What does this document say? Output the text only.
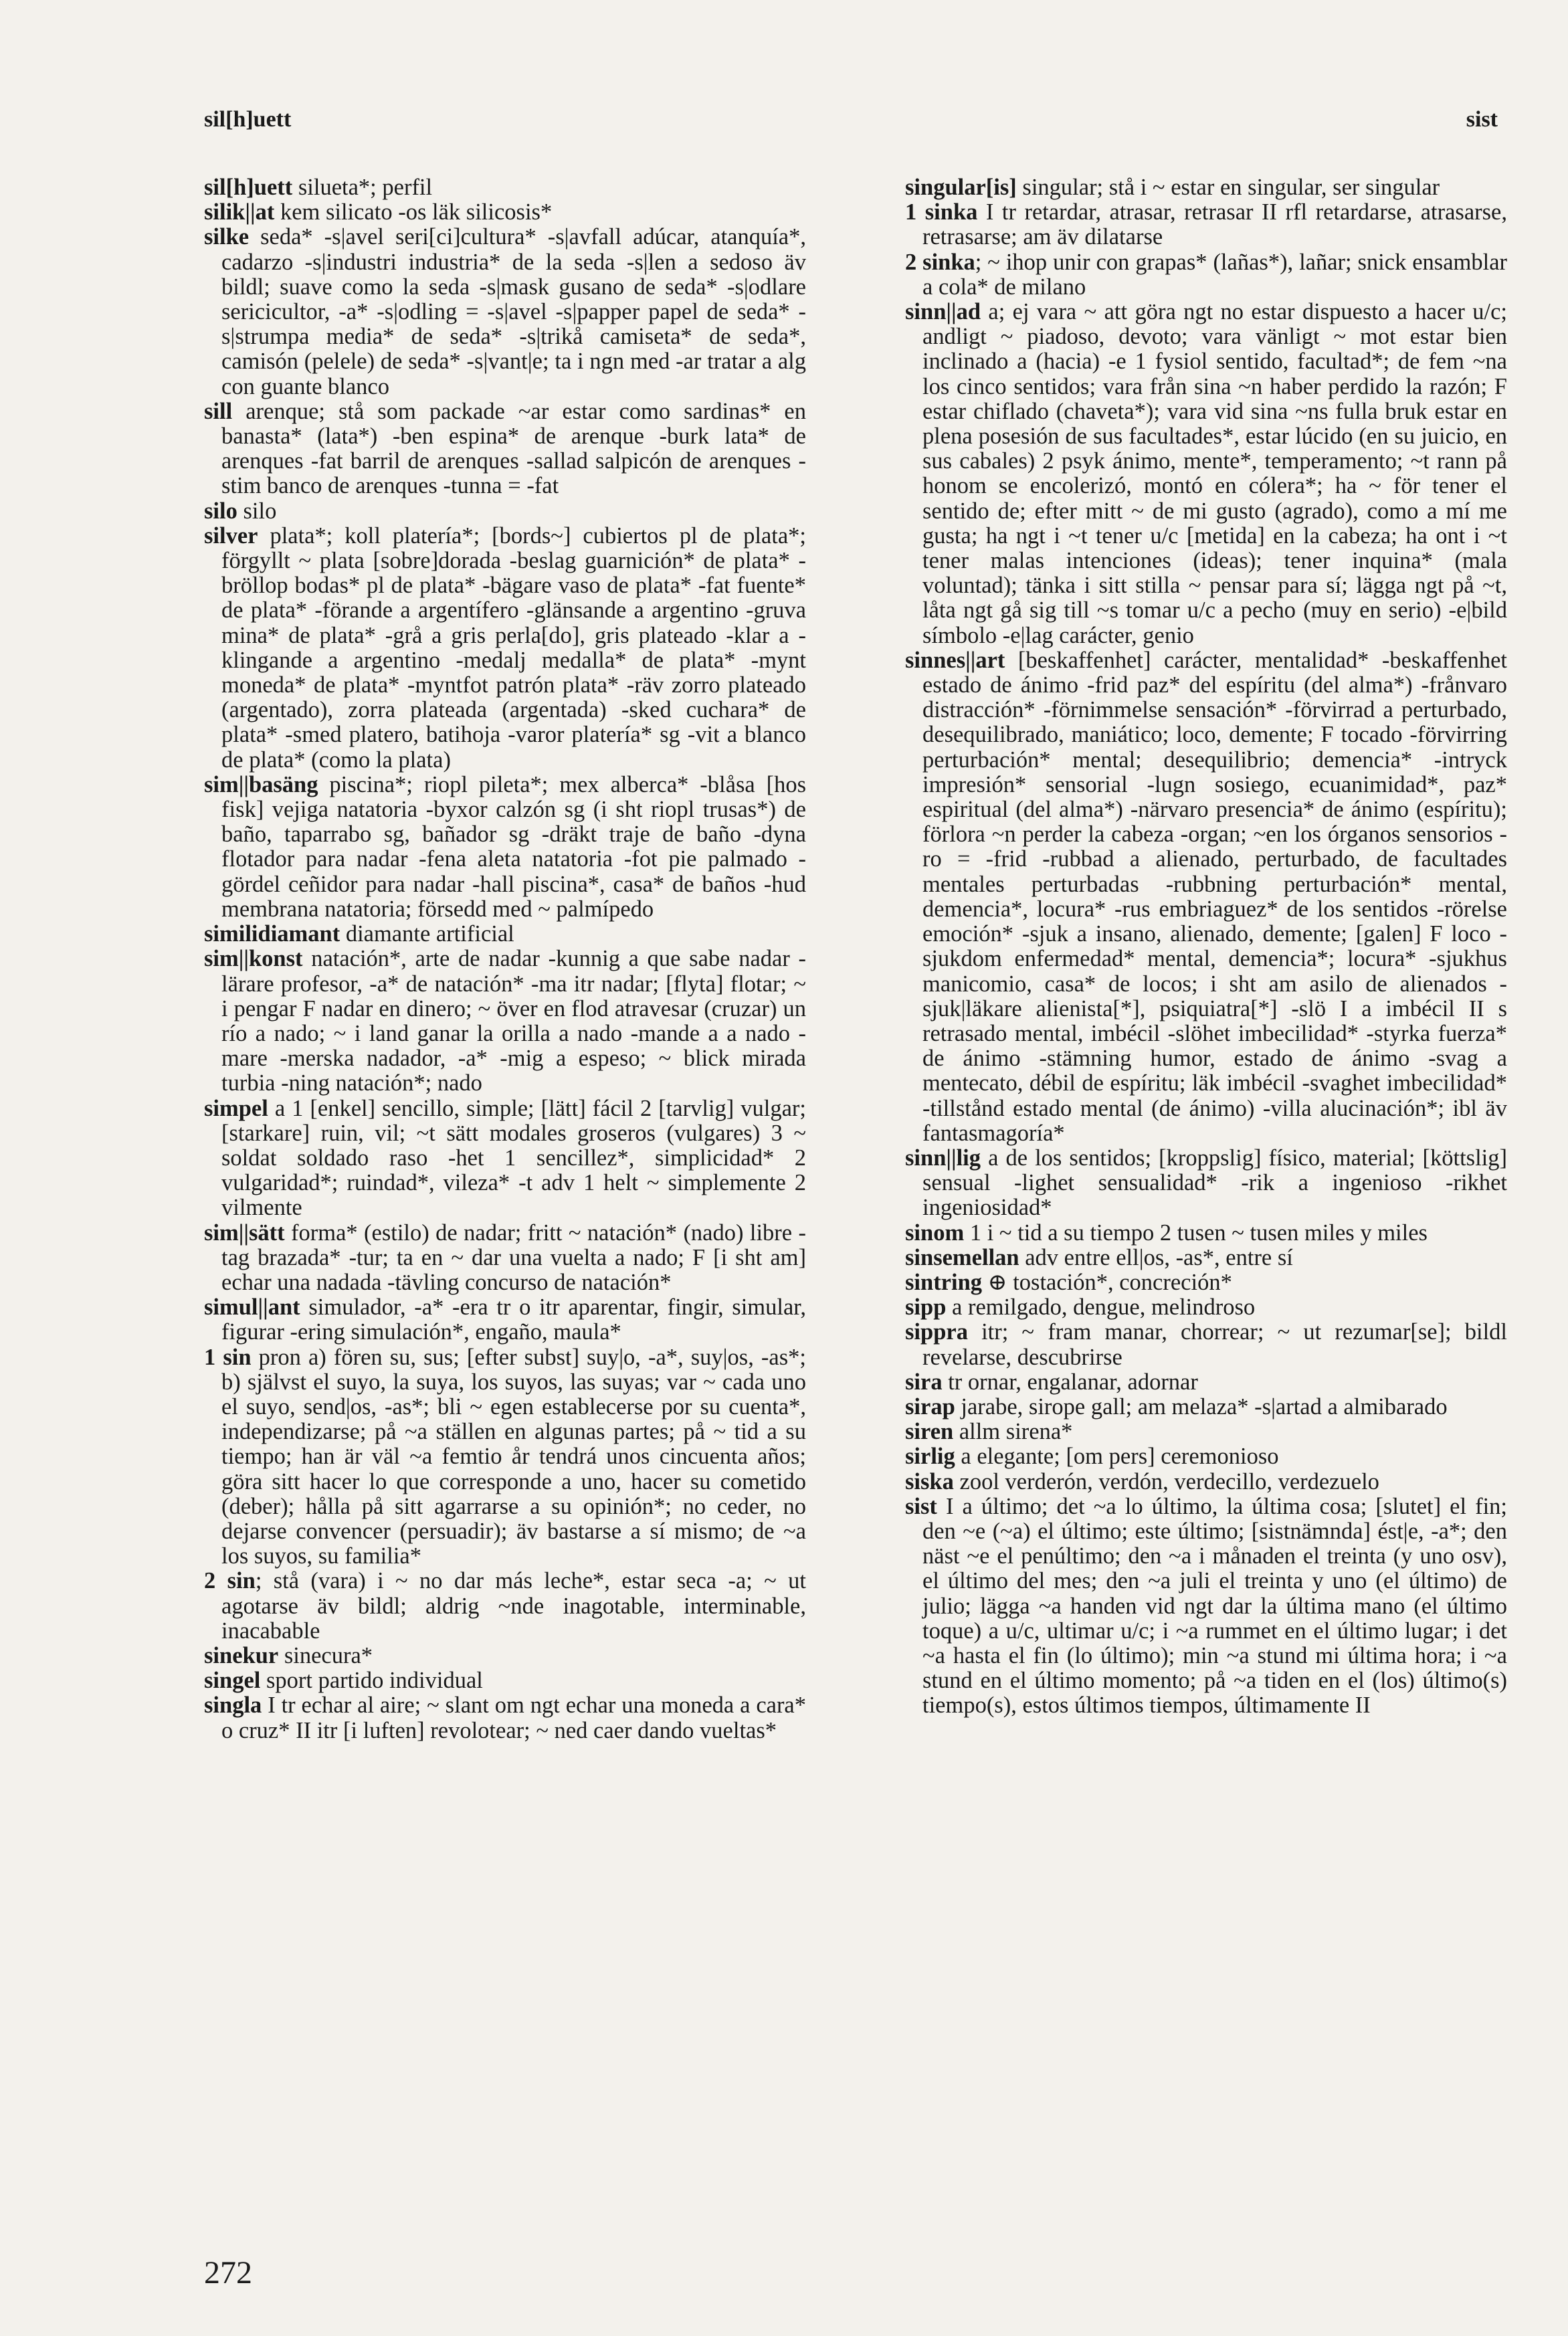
sil[h]uett	sist

sil[h]uett silueta*; perfil

silik||at kem silicato -os läk silicosis*

silke seda* -s|avel seri[ci]cultura* -s|avfall adúcar, atanquía*, cadarzo -s|industri industria* de la seda -s|len a sedoso äv bildl; suave como la seda -s|mask gusano de seda* -s|odlare sericicultor, -a* -s|odling = -s|avel -s|papper papel de seda* -s|strumpa media* de seda* -s|trikå camiseta* de seda*, camisón (pelele) de seda* -s|vant|e; ta i ngn med -ar tratar a alg con guante blanco

sill arenque; stå som packade ~ar estar como sardinas* en banasta* (lata*) -ben espina* de arenque -burk lata* de arenques -fat barril de arenques -sallad salpicón de arenques -stim banco de arenques -tunna = -fat

silo silo

silver plata*; koll platería*; [bords~] cubiertos pl de plata*; förgyllt ~ plata [sobre]dorada -beslag guarnición* de plata* -bröllop bodas* pl de plata* -bägare vaso de plata* -fat fuente* de plata* -förande a argentífero -glänsande a argentino -gruva mina* de plata* -grå a gris perla[do], gris plateado -klar a -klingande a argentino -medalj medalla* de plata* -mynt moneda* de plata* -myntfot patrón plata* -räv zorro plateado (argentado), zorra plateada (argentada) -sked cuchara* de plata* -smed platero, batihoja -varor platería* sg -vit a blanco de plata* (como la plata)

sim||basäng piscina*; riopl pileta*; mex alberca* -blåsa [hos fisk] vejiga natatoria -byxor calzón sg (i sht riopl trusas*) de baño, taparrabo sg, bañador sg -dräkt traje de baño -dyna flotador para nadar -fena aleta natatoria -fot pie palmado -gördel ceñidor para nadar -hall piscina*, casa* de baños -hud membrana natatoria; försedd med ~ palmípedo

similidiamant diamante artificial

sim||konst natación*, arte de nadar -kunnig a que sabe nadar -lärare profesor, -a* de natación* -ma itr nadar; [flyta] flotar; ~ i pengar F nadar en dinero; ~ över en flod atravesar (cruzar) un río a nado; ~ i land ganar la orilla a nado -mande a a nado -mare -merska nadador, -a* -mig a espeso; ~ blick mirada turbia -ning natación*; nado

simpel a 1 [enkel] sencillo, simple; [lätt] fácil 2 [tarvlig] vulgar; [starkare] ruin, vil; ~t sätt modales groseros (vulgares) 3 ~ soldat soldado raso -het 1 sencillez*, simplicidad* 2 vulgaridad*; ruindad*, vileza* -t adv 1 helt ~ simplemente 2 vilmente

sim||sätt forma* (estilo) de nadar; fritt ~ natación* (nado) libre -tag brazada* -tur; ta en ~ dar una vuelta a nado; F [i sht am] echar una nadada -tävling concurso de natación*

simul||ant simulador, -a* -era tr o itr aparentar, fingir, simular, figurar -ering simulación*, engaño, maula*

1 sin pron a) fören su, sus; [efter subst] suy|o, -a*, suy|os, -as*; b) självst el suyo, la suya, los suyos, las suyas; var ~ cada uno el suyo, send|os, -as*; bli ~ egen establecerse por su cuenta*, independizarse; på ~a ställen en algunas partes; på ~ tid a su tiempo; han är väl ~a femtio år tendrá unos cincuenta años; göra sitt hacer lo que corresponde a uno, hacer su cometido (deber); hålla på sitt agarrarse a su opinión*; no ceder, no dejarse convencer (persuadir); äv bastarse a sí mismo; de ~a los suyos, su familia*

2 sin; stå (vara) i ~ no dar más leche*, estar seca -a; ~ ut agotarse äv bildl; aldrig ~nde inagotable, interminable, inacabable

sinekur sinecura*

singel sport partido individual

singla I tr echar al aire; ~ slant om ngt echar una moneda a cara* o cruz* II itr [i luften] revolotear; ~ ned caer dando vueltas*

singular[is] singular; stå i ~ estar en singular, ser singular

1 sinka I tr retardar, atrasar, retrasar II rfl retardarse, atrasarse, retrasarse; am äv dilatarse

2 sinka; ~ ihop unir con grapas* (lañas*), lañar; snick ensamblar a cola* de milano

sinn||ad a; ej vara ~ att göra ngt no estar dispuesto a hacer u/c; andligt ~ piadoso, devoto; vara vänligt ~ mot estar bien inclinado a (hacia) -e 1 fysiol sentido, facultad*; de fem ~na los cinco sentidos; vara från sina ~n haber perdido la razón; F estar chiflado (chaveta*); vara vid sina ~ns fulla bruk estar en plena posesión de sus facultades*, estar lúcido (en su juicio, en sus cabales) 2 psyk ánimo, mente*, temperamento; ~t rann på honom se encolerizó, montó en cólera*; ha ~ för tener el sentido de; efter mitt ~ de mi gusto (agrado), como a mí me gusta; ha ngt i ~t tener u/c [metida] en la cabeza; ha ont i ~t tener malas intenciones (ideas); tener inquina* (mala voluntad); tänka i sitt stilla ~ pensar para sí; lägga ngt på ~t, låta ngt gå sig till ~s tomar u/c a pecho (muy en serio) -e|bild símbolo -e|lag carácter, genio

sinnes||art [beskaffenhet] carácter, mentalidad* -beskaffenhet estado de ánimo -frid paz* del espíritu (del alma*) -frånvaro distracción* -förnimmelse sensación* -förvirrad a perturbado, desequilibrado, maniático; loco, demente; F tocado -förvirring perturbación* mental; desequilibrio; demencia* -intryck impresión* sensorial -lugn sosiego, ecuanimidad*, paz* espiritual (del alma*) -närvaro presencia* de ánimo (espíritu); förlora ~n perder la cabeza -organ; ~en los órganos sensorios -ro = -frid -rubbad a alienado, perturbado, de facultades mentales perturbadas -rubbning perturbación* mental, demencia*, locura* -rus embriaguez* de los sentidos -rörelse emoción* -sjuk a insano, alienado, demente; [galen] F loco -sjukdom enfermedad* mental, demencia*; locura* -sjukhus manicomio, casa* de locos; i sht am asilo de alienados -sjuk|läkare alienista[*], psiquiatra[*] -slö I a imbécil II s retrasado mental, imbécil -slöhet imbecilidad* -styrka fuerza* de ánimo -stämning humor, estado de ánimo -svag a mentecato, débil de espíritu; läk imbécil -svaghet imbecilidad* -tillstånd estado mental (de ánimo) -villa alucinación*; ibl äv fantasmagoría*

sinn||lig a de los sentidos; [kroppslig] físico, material; [köttslig] sensual -lighet sensualidad* -rik a ingenioso -rikhet ingeniosidad*

sinom 1 i ~ tid a su tiempo 2 tusen ~ tusen miles y miles

sinsemellan adv entre ell|os, -as*, entre sí

sintring ⊕ tostación*, concreción*

sipp a remilgado, dengue, melindroso

sippra itr; ~ fram manar, chorrear; ~ ut rezumar[se]; bildl revelarse, descubrirse

sira tr ornar, engalanar, adornar

sirap jarabe, sirope gall; am melaza* -s|artad a almibarado

siren allm sirena*

sirlig a elegante; [om pers] ceremonioso

siska zool verderón, verdón, verdecillo, verdezuelo

sist I a último; det ~a lo último, la última cosa; [slutet] el fin; den ~e (~a) el último; este último; [sistnämnda] ést|e, -a*; den näst ~e el penúltimo; den ~a i månaden el treinta (y uno osv), el último del mes; den ~a juli el treinta y uno (el último) de julio; lägga ~a handen vid ngt dar la última mano (el último toque) a u/c, ultimar u/c; i ~a rummet en el último lugar; i det ~a hasta el fin (lo último); min ~a stund mi última hora; i ~a stund en el último momento; på ~a tiden en el (los) último(s) tiempo(s), estos últimos tiempos, últimamente II

272
